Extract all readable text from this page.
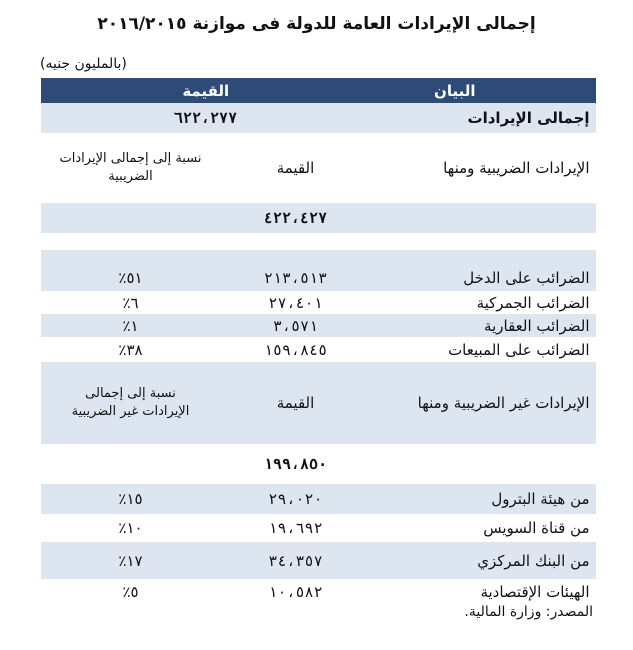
إجمالى الإيرادات العامة للدولة فى موازنة ٢٠١٦/٢٠١٥
(بالمليون جنيه)
البيان	القيمة	
إجمالى الإيرادات	٦٢٢،٢٧٧	
الإيرادات الضريبية ومنها	القيمة	نسبة إلى إجمالى الإيرادات الضريبية
	٤٢٢،٤٢٧	

الضرائب على الدخل	٢١٣،٥١٣	٥١٪
الضرائب الجمركية	٢٧،٤٠١	٦٪
الضرائب العقارية	٣،٥٧١	١٪
الضرائب على المبيعات	١٥٩،٨٤٥	٣٨٪
الإيرادات غير الضريبية ومنها	القيمة	نسبة إلى إجمالى الإيرادات غير الضريبية
	١٩٩،٨٥٠	
من هيئة البترول	٢٩،٠٢٠	١٥٪
من قناة السويس	١٩،٦٩٢	١٠٪
من البنك المركزي	٣٤،٣٥٧	١٧٪
الهيئات الإقتصادية	١٠،٥٨٢	٥٪
المصدر: وزارة المالية.
